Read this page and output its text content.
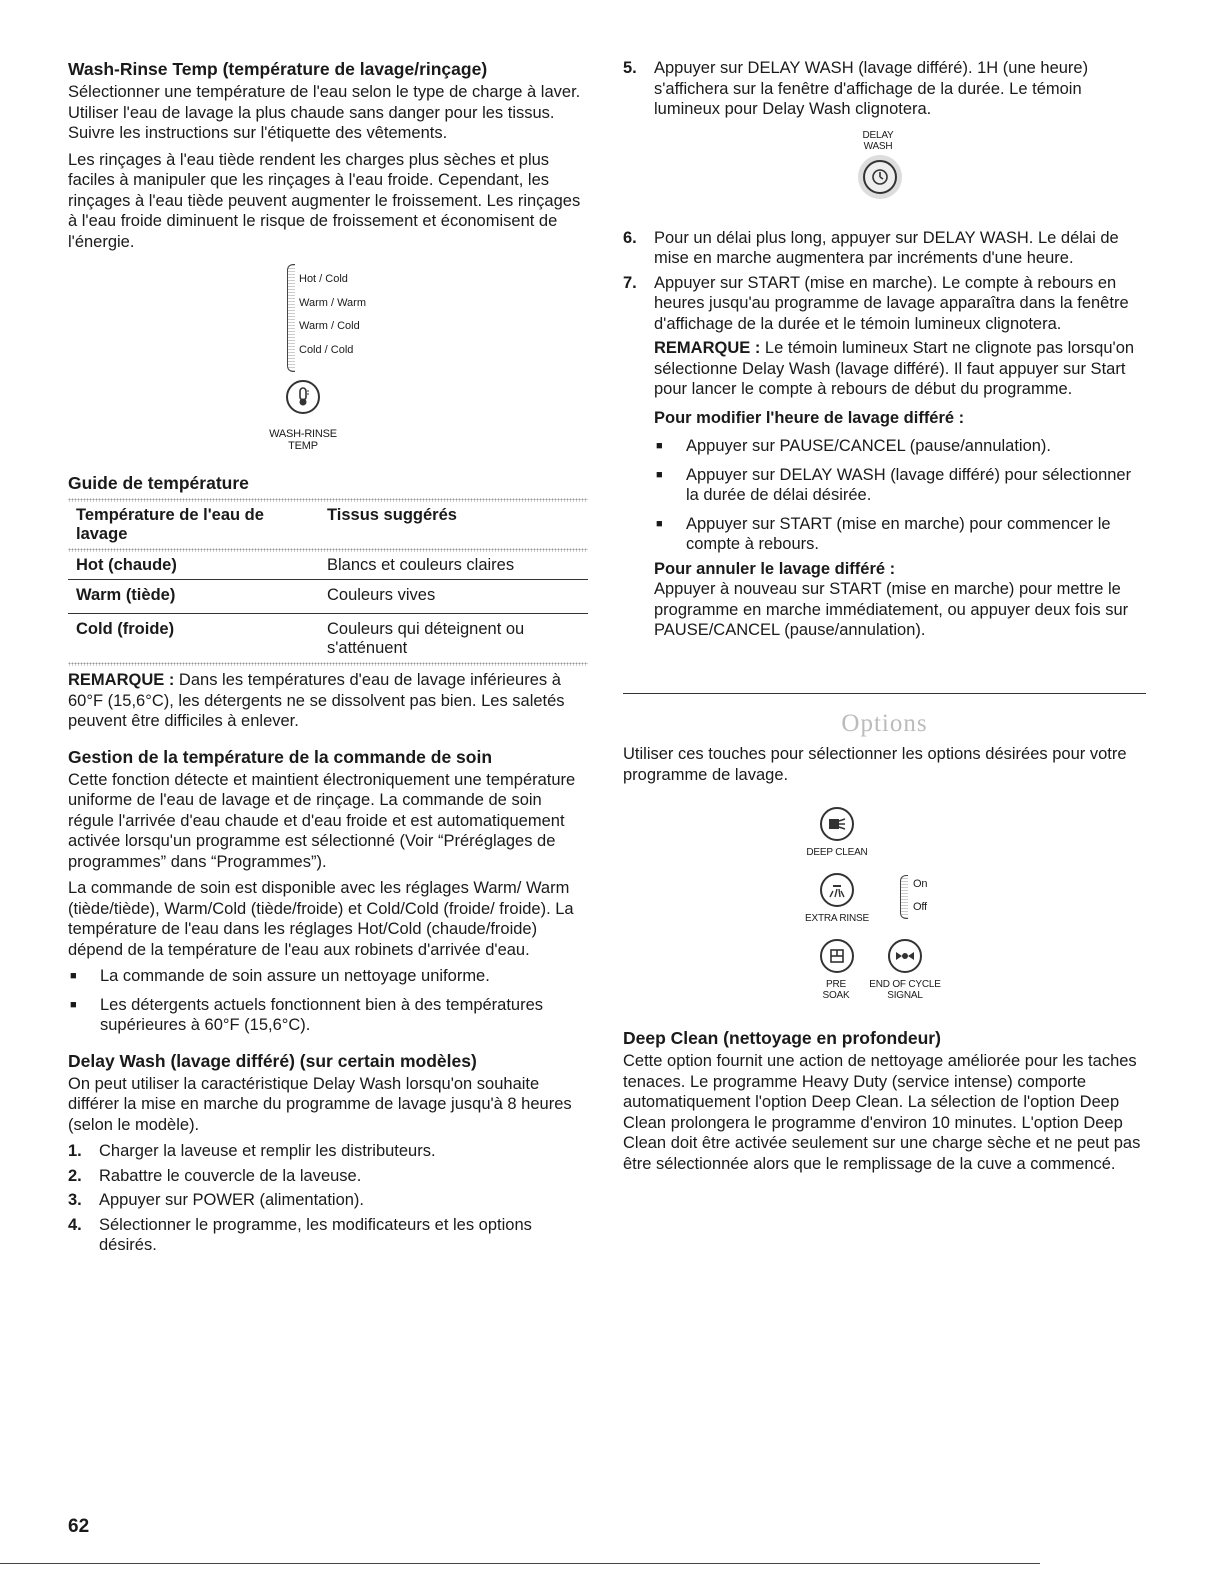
Wash-Rinse Temp (température de lavage/rinçage)

Sélectionner une température de l'eau selon le type de charge à laver. Utiliser l'eau de lavage la plus chaude sans danger pour les tissus. Suivre les instructions sur l'étiquette des vêtements.

Les rinçages à l'eau tiède rendent les charges plus sèches et plus faciles à manipuler que les rinçages à l'eau froide. Cependant, les rinçages à l'eau tiède peuvent augmenter le froissement. Les rinçages à l'eau froide diminuent le risque de froissement et économisent de l'énergie.

Hot / Cold
Warm / Warm
Warm / Cold
Cold / Cold
WASH-RINSE
TEMP
Guide de température
Température de l'eau de lavage	Tissus suggérés
Hot (chaude)	Blancs et couleurs claires
Warm (tiède)	Couleurs vives
Cold (froide)	Couleurs qui déteignent ou s'atténuent

REMARQUE : Dans les températures d'eau de lavage inférieures à 60°F (15,6°C), les détergents ne se dissolvent pas bien. Les saletés peuvent être difficiles à enlever.

Gestion de la température de la commande de soin

Cette fonction détecte et maintient électroniquement une température uniforme de l'eau de lavage et de rinçage. La commande de soin régule l'arrivée d'eau chaude et d'eau froide et est automatiquement activée lorsqu'un programme est sélectionné (Voir “Préréglages de programmes” dans “Programmes”).

La commande de soin est disponible avec les réglages Warm/ Warm (tiède/tiède), Warm/Cold (tiède/froide) et Cold/Cold (froide/ froide). La température de l'eau dans les réglages Hot/Cold (chaude/froide) dépend de la température de l'eau aux robinets d'arrivée d'eau.

■	La commande de soin assure un nettoyage uniforme.
■	Les détergents actuels fonctionnent bien à des températures supérieures à 60°F (15,6°C).
Delay Wash (lavage différé) (sur certain modèles)

On peut utiliser la caractéristique Delay Wash lorsqu'on souhaite différer la mise en marche du programme de lavage jusqu'à 8 heures (selon le modèle).

1.	Charger la laveuse et remplir les distributeurs.
2.	Rabattre le couvercle de la laveuse.
3.	Appuyer sur POWER (alimentation).
4.	Sélectionner le programme, les modificateurs et les options désirés.
5.	Appuyer sur DELAY WASH (lavage différé). 1H (une heure) s'affichera sur la fenêtre d'affichage de la durée. Le témoin lumineux pour Delay Wash clignotera.
DELAY
WASH
6.	Pour un délai plus long, appuyer sur DELAY WASH. Le délai de mise en marche augmentera par incréments d'une heure.
7.	Appuyer sur START (mise en marche). Le compte à rebours en heures jusqu'au programme de lavage apparaîtra dans la fenêtre d'affichage de la durée et le témoin lumineux clignotera.

REMARQUE : Le témoin lumineux Start ne clignote pas lorsqu'on sélectionne Delay Wash (lavage différé). Il faut appuyer sur Start pour lancer le compte à rebours de début du programme.

Pour modifier l'heure de lavage différé :
■	Appuyer sur PAUSE/CANCEL (pause/annulation).
■	Appuyer sur DELAY WASH (lavage différé) pour sélectionner la durée de délai désirée.
■	Appuyer sur START (mise en marche) pour commencer le compte à rebours.
Pour annuler le lavage différé :
Appuyer à nouveau sur START (mise en marche) pour mettre le programme en marche immédiatement, ou appuyer deux fois sur PAUSE/CANCEL (pause/annulation).
Options

Utiliser ces touches pour sélectionner les options désirées pour votre programme de lavage.

DEEP CLEAN
EXTRA RINSE
On
Off
PRE
SOAK
END OF CYCLE
SIGNAL
Deep Clean (nettoyage en profondeur)

Cette option fournit une action de nettoyage améliorée pour les taches tenaces. Le programme Heavy Duty (service intense) comporte automatiquement l'option Deep Clean. La sélection de l'option Deep Clean prolongera le programme d'environ 10 minutes. L'option Deep Clean doit être activée seulement sur une charge sèche et ne peut pas être sélectionnée alors que le remplissage de la cuve a commencé.

62
